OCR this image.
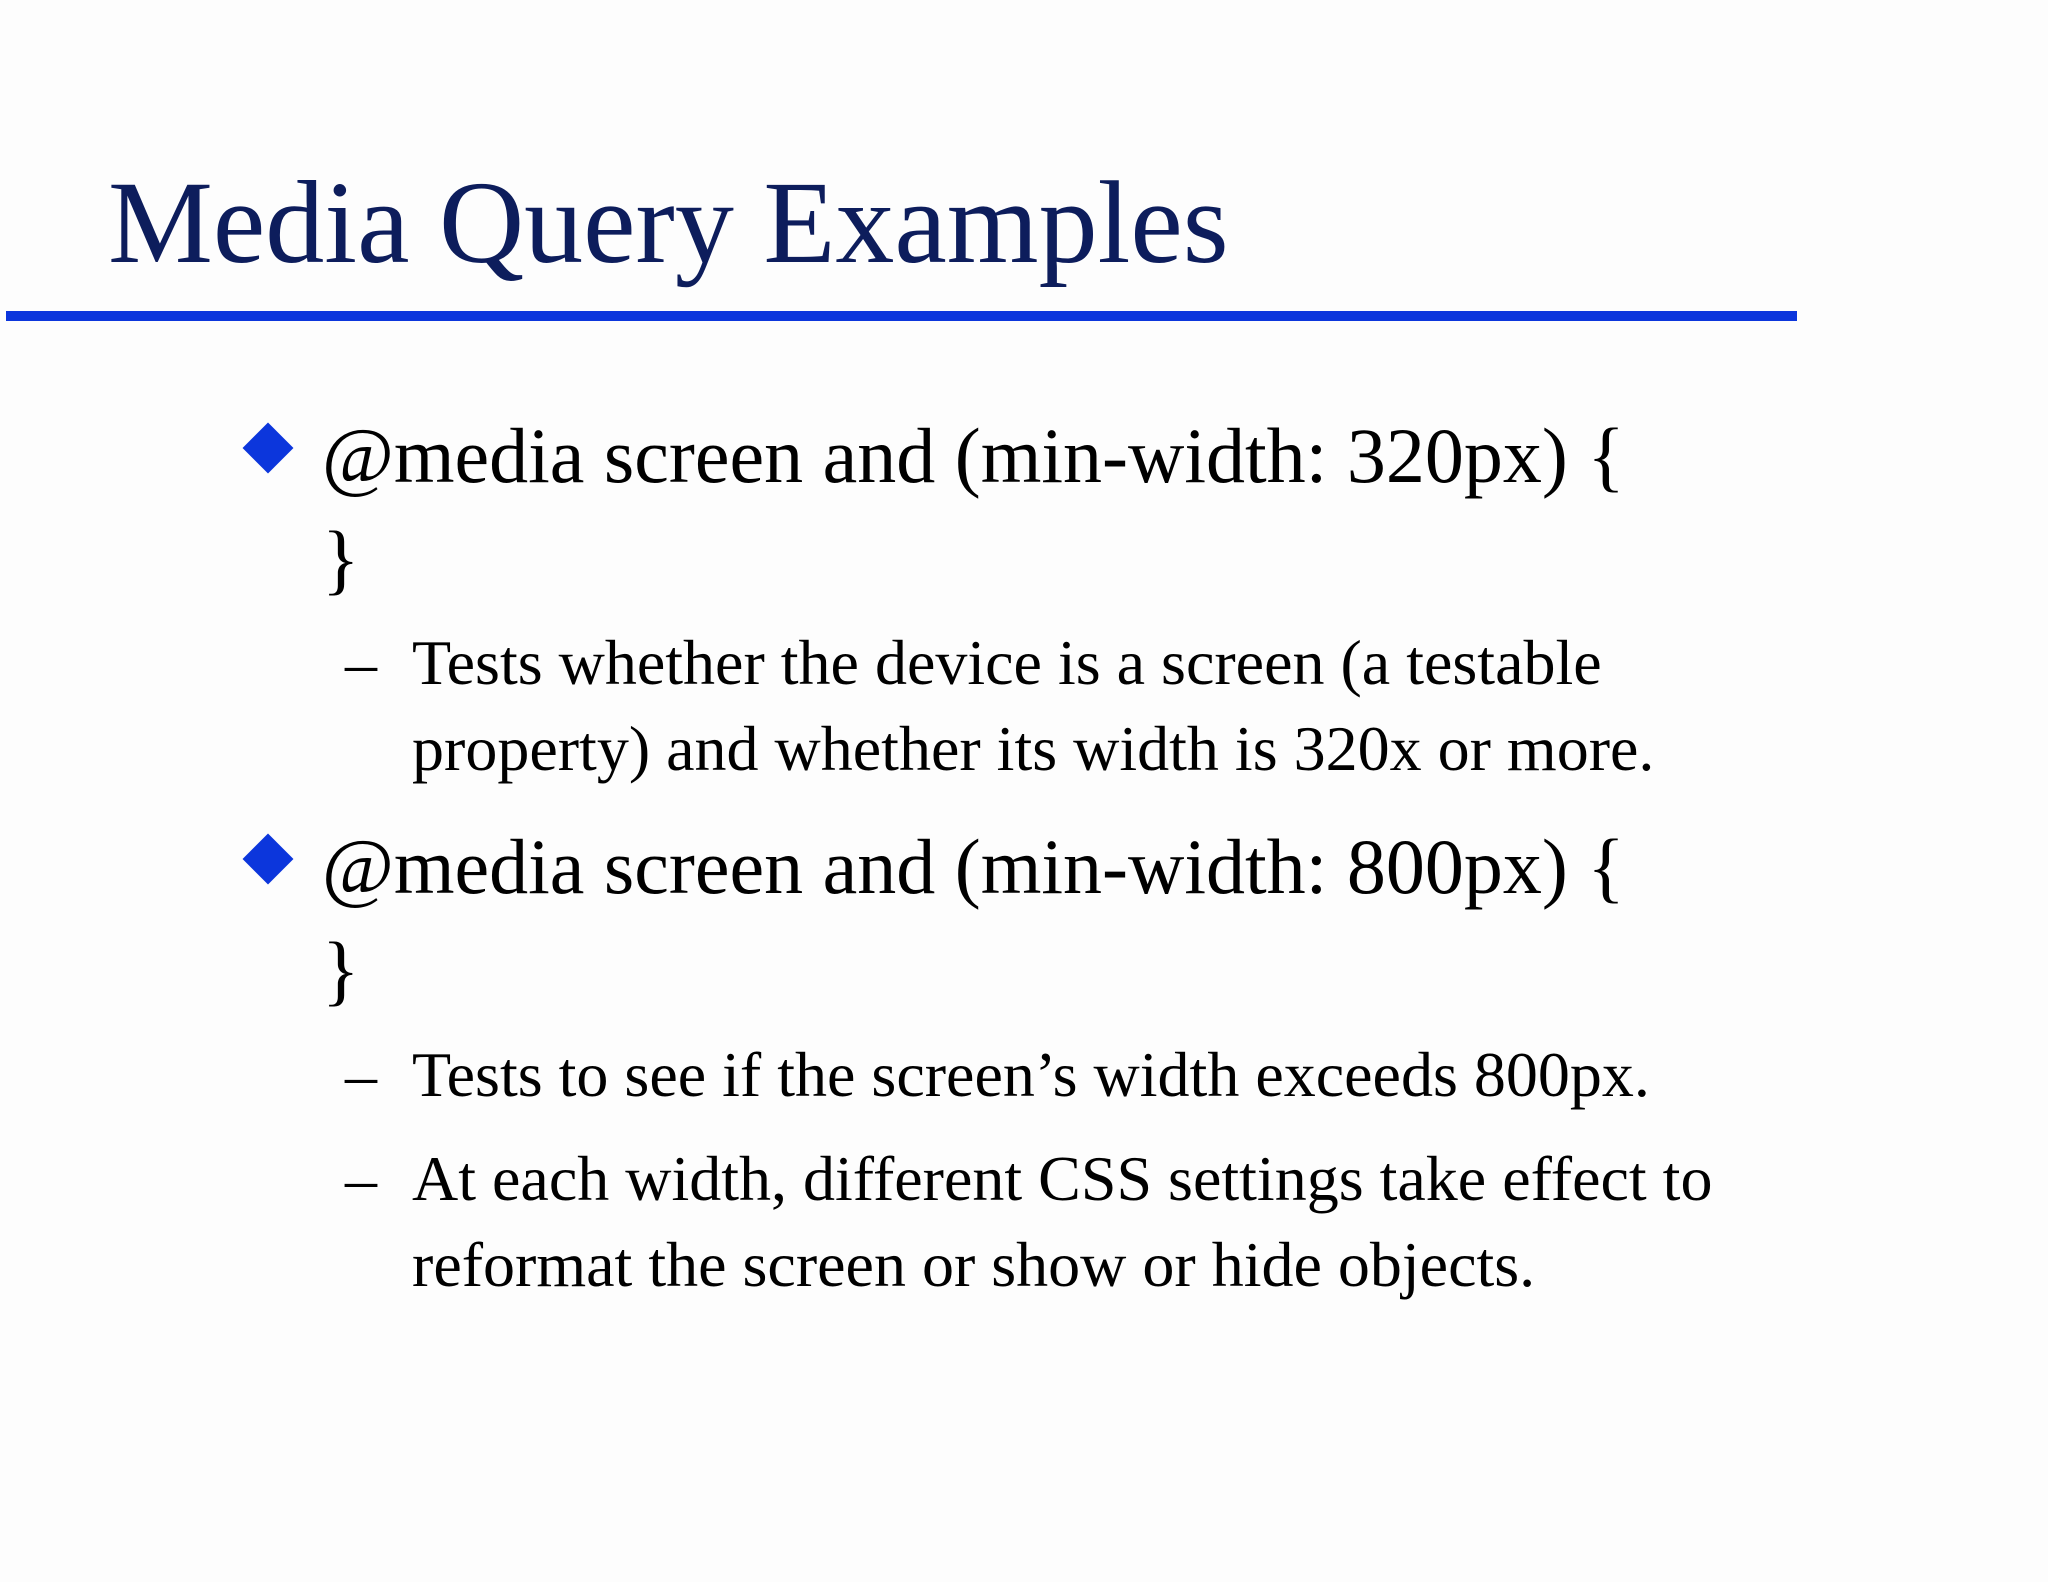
Media Query Examples
@media screen and (min-width: 320px) {
}
– Tests whether the device is a screen (a testable
property) and whether its width is 320x or more.
@media screen and (min-width: 800px) {
}
– Tests to see if the screen’s width exceeds 800px.
– At each width, different CSS settings take effect to
reformat the screen or show or hide objects.
